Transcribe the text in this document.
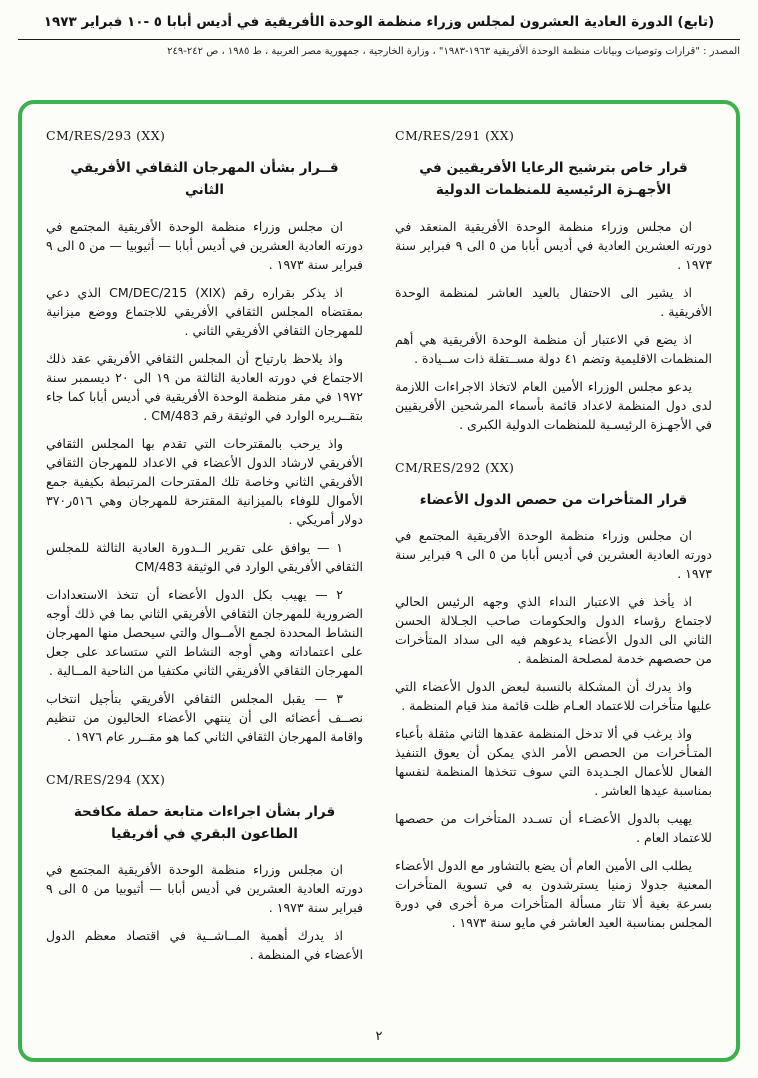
(تابع) الدورة العادية العشرون لمجلس وزراء منظمة الوحدة الأفريقية في أديس أبابا ٥ -١٠ فبراير ١٩٧٣
المصدر : "قرارات وتوصيات وبيانات منظمة الوحدة الأفريقية ١٩٦٣-١٩٨٣" ، وزارة الخارجية ، جمهورية مصر العربية ، ط ١٩٨٥ ، ص ٢٤٢-٢٤٩
CM/RES/291 (XX)
قرار خاص بترشيح الرعايا الأفريقيين في الأجهـزة الرئيسية للمنظمات الدولية

ان مجلس وزراء منظمة الوحدة الأفريقية المنعقد في دورته العشرين العادية في أديس أبابا من ٥ الى ٩ فبراير سنة ١٩٧٣ .

اذ يشير الى الاحتفال بالعيد العاشر لمنظمة الوحدة الأفريقية .

اذ يضع في الاعتبار أن منظمة الوحدة الأفريقية هي أهم المنظمات الاقليمية وتضم ٤١ دولة مســتقلة ذات ســيادة .

يدعو مجلس الوزراء الأمين العام لاتخاذ الاجراءات اللازمة لدى دول المنظمة لاعداد قائمة بأسماء المرشحين الأفريقيين في الأجهـزة الرئيسـية للمنظمات الدولية الكبرى .

CM/RES/292 (XX)
قرار المتأخرات من حصص الدول الأعضاء

ان مجلس وزراء منظمة الوحدة الأفريقية المجتمع في دورته العادية العشرين في أديس أبابا من ٥ الى ٩ فبراير سنة ١٩٧٣ .

اذ يأخذ في الاعتبار النداء الذي وجهه الرئيس الحالي لاجتماع رؤساء الدول والحكومات صاحب الجـلالة الحسن الثاني الى الدول الأعضاء يدعوهم فيه الى سداد المتأخرات من حصصهم خدمة لمصلحة المنظمة .

واذ يدرك أن المشكلة بالنسبة لبعض الدول الأعضاء التي عليها متأخرات للاعتماد العـام ظلت قائمة منذ قيام المنظمة .

واذ يرغب في ألا تدخل المنظمة عقدها الثاني مثقلة بأعباء المتـأخرات من الحصص الأمر الذي يمكن أن يعوق التنفيذ الفعال للأعمال الجـديدة التي سوف تتخذها المنظمة لنفسها بمناسبة عيدها العاشر .

يهيب بالدول الأعضـاء أن تسـدد المتأخرات من حصصها للاعتماد العام .

يطلب الى الأمين العام أن يضع بالتشاور مع الدول الأعضاء المعنية جدولا زمنيا يسترشدون به في تسوية المتأخرات بسرعة بغية ألا تثار مسألة المتأخرات مرة أخرى في دورة المجلس بمناسبة العيد العاشر في مايو سنة ١٩٧٣ .

CM/RES/293 (XX)
قــرار بشأن المهرجان الثقافي الأفريقي الثاني

ان مجلس وزراء منظمة الوحدة الأفريقية المجتمع في دورته العادية العشرين في أديس أبابا — أثيوبيا — من ٥ الى ٩ فبراير سنة ١٩٧٣ .

اذ يذكر بقراره رقم ‎CM/DEC/215 (XIX)‎ الذي دعي بمقتضاه المجلس الثقافي الأفريقي للاجتماع ووضع ميزانية للمهرجان الثقافي الأفريقي الثاني .

واذ يلاحظ بارتياح أن المجلس الثقافي الأفريقي عقد ذلك الاجتماع في دورته العادية الثالثة من ١٩ الى ٢٠ ديسمبر سنة ١٩٧٢ في مقر منظمة الوحدة الأفريقية في أديس أبابا كما جاء بتقــريره الوارد في الوثيقة رقم ‎CM/483‎ .

واذ يرحب بالمقترحات التي تقدم بها المجلس الثقافي الأفريقي لارشاد الدول الأعضاء في الاعداد للمهرجان الثقافي الأفريقي الثاني وخاصة تلك المقترحات المرتبطة بكيفية جمع الأموال للوفاء بالميزانية المقترحة للمهرجان وهي ٥١٦ر٣٧٠ دولار أمريكي .

١ — يوافق على تقرير الــدورة العادية الثالثة للمجلس الثقافي الأفريقي الوارد في الوثيقة ‎CM/483‎

٢ — يهيب بكل الدول الأعضاء أن تتخذ الاستعدادات الضرورية للمهرجان الثقافي الأفريقي الثاني بما في ذلك أوجه النشاط المحددة لجمع الأمــوال والتي سيحصل منها المهرجان على اعتماداته وهي أوجه النشاط التي ستساعد على جعل المهرجان الثقافي الأفريقي الثاني مكتفيا من الناحية المــالية .

٣ — يقبل المجلس الثقافي الأفريقي بتأجيل انتخاب نصــف أعضائه الى أن ينتهي الأعضاء الحاليون من تنظيم واقامة المهرجان الثقافي الثاني كما هو مقــرر عام ١٩٧٦ .

CM/RES/294 (XX)
قرار بشأن اجراءات متابعة حملة مكافحة الطاعون البقري في أفريقيا

ان مجلس وزراء منظمة الوحدة الأفريقية المجتمع في دورته العادية العشرين في أديس أبابا — أثيوبيا من ٥ الى ٩ فبراير سنة ١٩٧٣ .

اذ يدرك أهمية المــاشــية في اقتصاد معظم الدول الأعضاء في المنظمة .

٢
